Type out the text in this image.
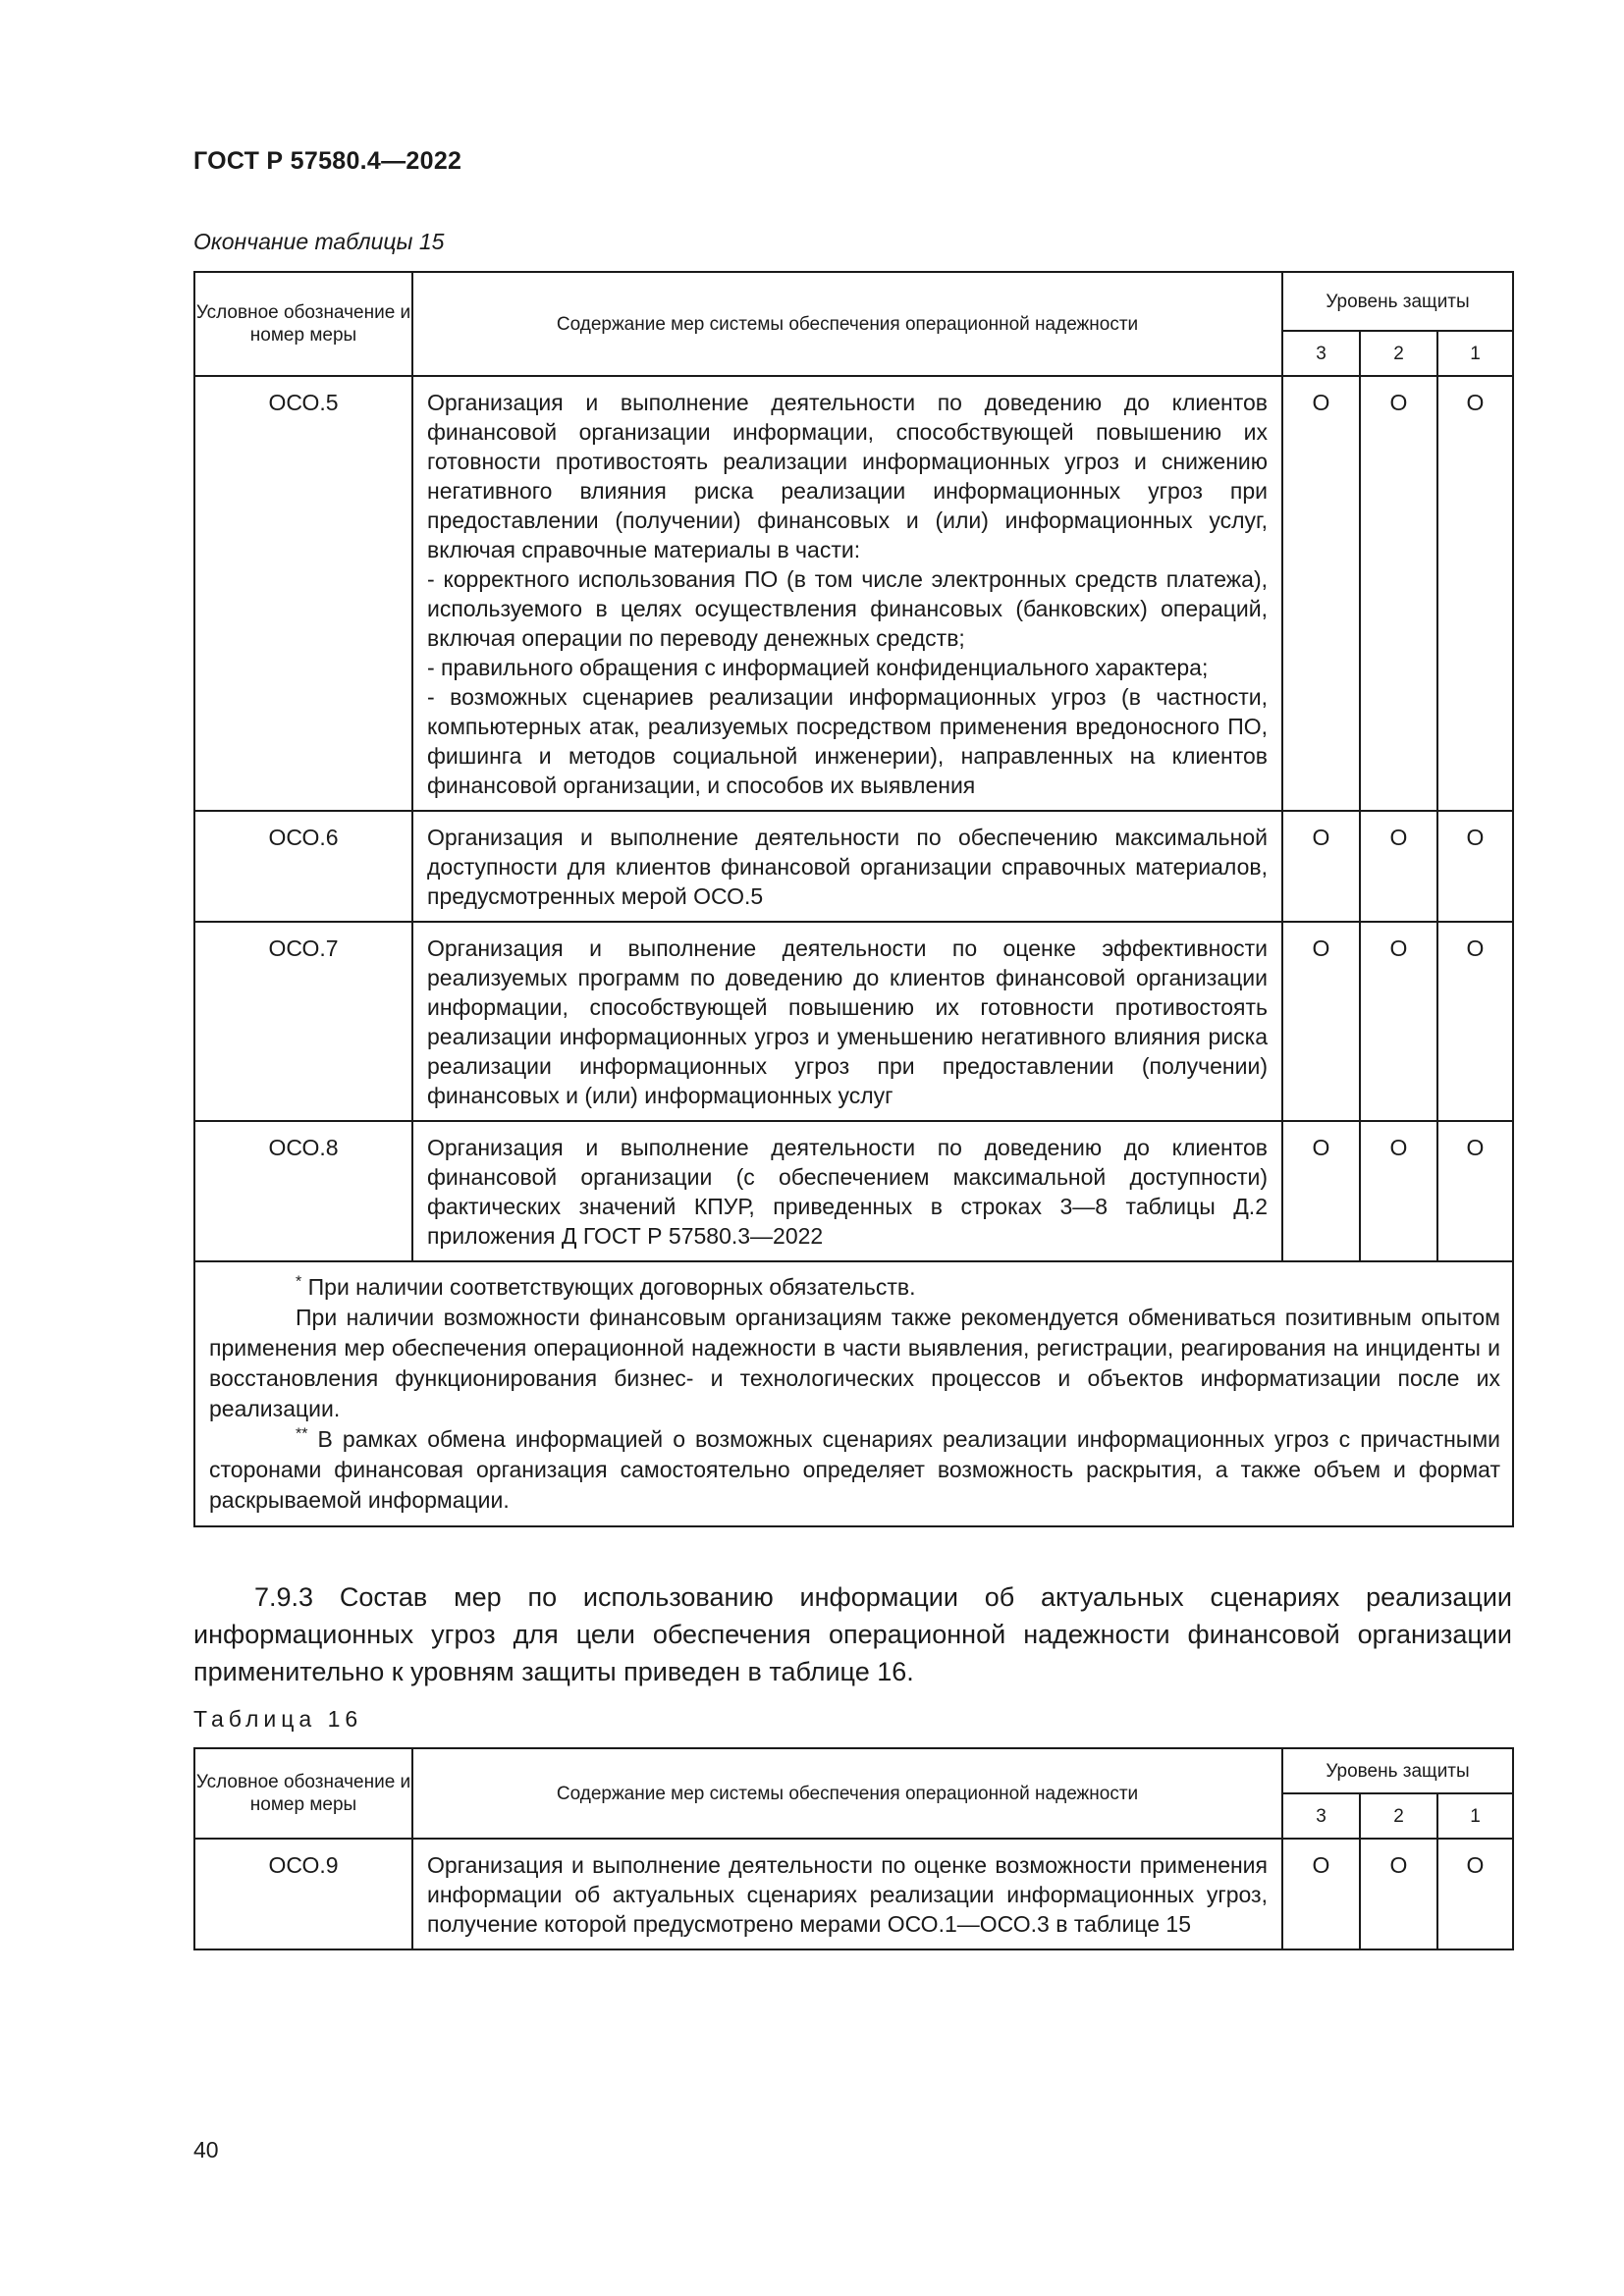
ГОСТ Р 57580.4—2022
Окончание таблицы 15
Условное обозначение и номер меры	Содержание мер системы обеспечения операционной надежности	Уровень защиты		
		3	2	1
ОСО.5	Организация и выполнение деятельности по доведению до клиентов финансовой организации информации, способствующей повышению их готовности противостоять реализации информационных угроз и снижению негативного влияния риска реализации информационных угроз при предоставлении (получении) финансовых и (или) информационных услуг, включая справочные материалы в части:

- корректного использования ПО (в том числе электронных средств платежа), используемого в целях осуществления финансовых (банковских) операций, включая операции по переводу денежных средств;

- правильного обращения с информацией конфиденциального характера;

- возможных сценариев реализации информационных угроз (в частности, компьютерных атак, реализуемых посредством применения вредоносного ПО, фишинга и методов социальной инженерии), направленных на клиентов финансовой организации, и способов их выявления	О	О	О
ОСО.6	Организация и выполнение деятельности по обеспечению максимальной доступности для клиентов финансовой организации справочных материалов, предусмотренных мерой ОСО.5	О	О	О
ОСО.7	Организация и выполнение деятельности по оценке эффективности реализуемых программ по доведению до клиентов финансовой организации информации, способствующей повышению их готовности противостоять реализации информационных угроз и уменьшению негативного влияния риска реализации информационных угроз при предоставлении (получении) финансовых и (или) информационных услуг	О	О	О
ОСО.8	Организация и выполнение деятельности по доведению до клиентов финансовой организации (с обеспечением максимальной доступности) фактических значений КПУР, приведенных в строках 3—8 таблицы Д.2 приложения Д ГОСТ Р 57580.3—2022	О	О	О

* При наличии соответствующих договорных обязательств.

При наличии возможности финансовым организациям также рекомендуется обмениваться позитивным опытом применения мер обеспечения операционной надежности в части выявления, регистрации, реагирования на инциденты и восстановления функционирования бизнес- и технологических процессов и объектов информатизации после их реализации.

** В рамках обмена информацией о возможных сценариях реализации информационных угроз с причастными сторонами финансовая организация самостоятельно определяет возможность раскрытия, а также объем и формат раскрываемой информации.				

7.9.3 Состав мер по использованию информации об актуальных сценариях реализации информационных угроз для цели обеспечения операционной надежности финансовой организации применительно к уровням защиты приведен в таблице 16.

Таблица 16
Условное обозначение и номер меры	Содержание мер системы обеспечения операционной надежности	Уровень защиты		
		3	2	1
ОСО.9	Организация и выполнение деятельности по оценке возможности применения информации об актуальных сценариях реализации информационных угроз, получение которой предусмотрено мерами ОСО.1—ОСО.3 в таблице 15	О	О	О
40
